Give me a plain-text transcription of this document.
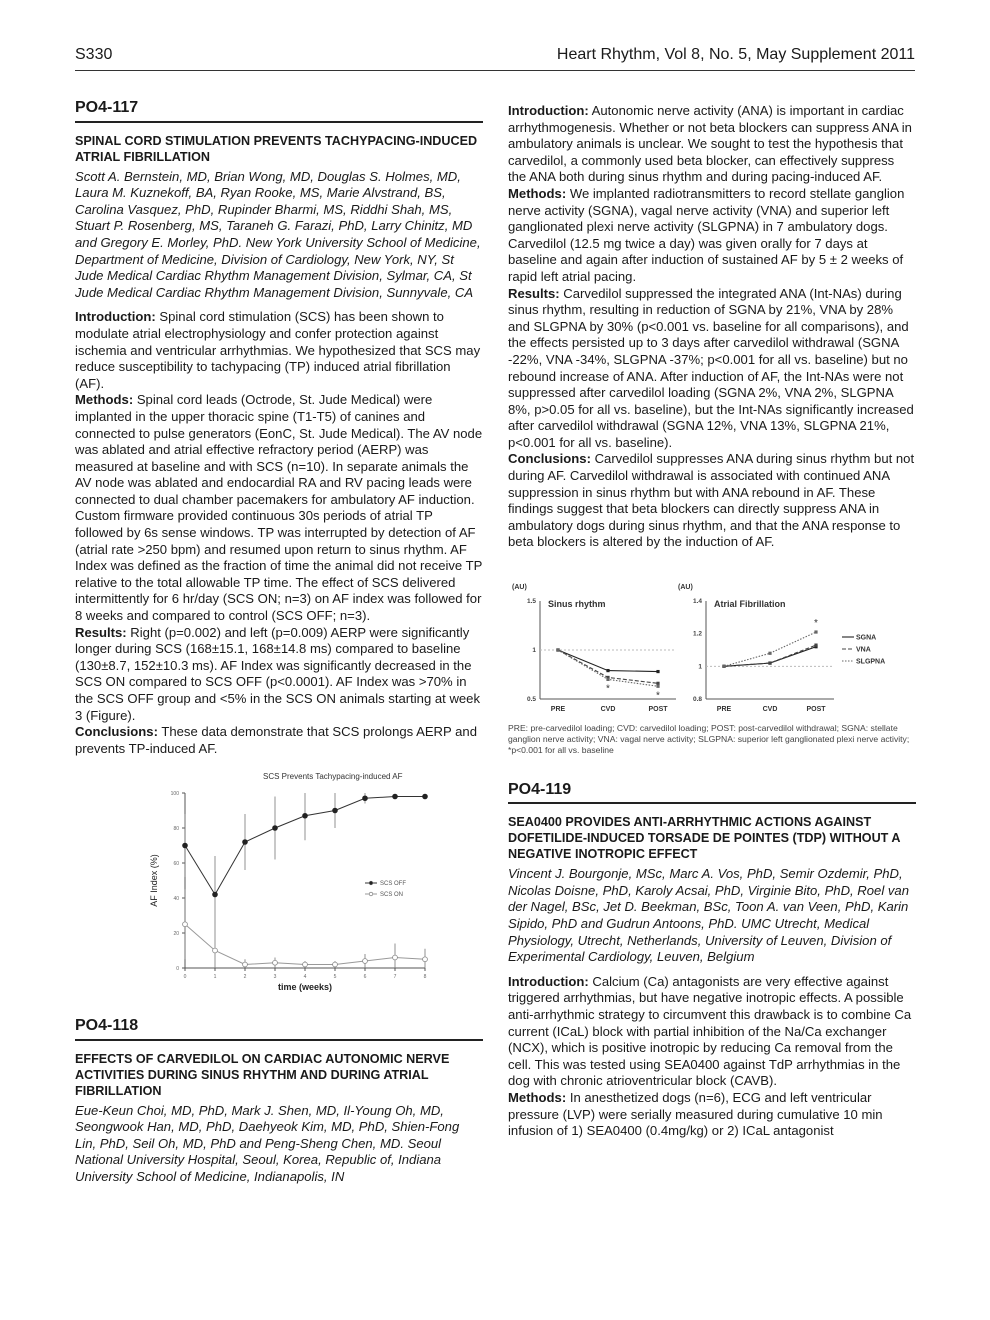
S330	Heart Rhythm, Vol 8, No. 5, May Supplement 2011
PO4-117
SPINAL CORD STIMULATION PREVENTS TACHYPACING-INDUCED ATRIAL FIBRILLATION

Scott A. Bernstein, MD, Brian Wong, MD, Douglas S. Holmes, MD, Laura M. Kuznekoff, BA, Ryan Rooke, MS, Marie Alvstrand, BS, Carolina Vasquez, PhD, Rupinder Bharmi, MS, Riddhi Shah, MS, Stuart P. Rosenberg, MS, Taraneh G. Farazi, PhD, Larry Chinitz, MD and Gregory E. Morley, PhD. New York University School of Medicine, Department of Medicine, Division of Cardiology, New York, NY, St Jude Medical Cardiac Rhythm Management Division, Sylmar, CA, St Jude Medical Cardiac Rhythm Management Division, Sunnyvale, CA

Introduction: Spinal cord stimulation (SCS) has been shown to modulate atrial electrophysiology and confer protection against ischemia and ventricular arrhythmias. We hypothesized that SCS may reduce susceptibility to tachypacing (TP) induced atrial fibrillation (AF).

Methods: Spinal cord leads (Octrode, St. Jude Medical) were implanted in the upper thoracic spine (T1-T5) of canines and connected to pulse generators (EonC, St. Jude Medical). The AV node was ablated and atrial effective refractory period (AERP) was measured at baseline and with SCS (n=10). In separate animals the AV node was ablated and endocardial RA and RV pacing leads were connected to dual chamber pacemakers for ambulatory AF induction. Custom firmware provided continuous 30s periods of atrial TP followed by 6s sense windows. TP was interrupted by detection of AF (atrial rate >250 bpm) and resumed upon return to sinus rhythm. AF Index was defined as the fraction of time the animal did not receive TP relative to the total allowable TP time. The effect of SCS delivered intermittently for 6 hr/day (SCS ON; n=3) on AF index was followed for 8 weeks and compared to control (SCS OFF; n=3).

Results: Right (p=0.002) and left (p=0.009) AERP were significantly longer during SCS (168±15.1, 168±14.8 ms) compared to baseline (130±8.7, 152±10.3 ms). AF Index was significantly decreased in the SCS ON compared to SCS OFF (p<0.0001). AF Index was >70% in the SCS OFF group and <5% in the SCS ON animals starting at week 3 (Figure).

Conclusions: These data demonstrate that SCS prolongs AERP and prevents TP-induced AF.

SCS Prevents Tachypacing-induced AF
0
20
40
60
80
100
0	1	2	3	4	5	6	7	8
time (weeks)
AF Index (%)	SCS OFF
SCS ON
PO4-118
EFFECTS OF CARVEDILOL ON CARDIAC AUTONOMIC NERVE ACTIVITIES DURING SINUS RHYTHM AND DURING ATRIAL FIBRILLATION

Eue-Keun Choi, MD, PhD, Mark J. Shen, MD, Il-Young Oh, MD, Seongwook Han, MD, PhD, Daehyeok Kim, MD, PhD, Shien-Fong Lin, PhD, Seil Oh, MD, PhD and Peng-Sheng Chen, MD. Seoul National University Hospital, Seoul, Korea, Republic of, Indiana University School of Medicine, Indianapolis, IN

Introduction: Autonomic nerve activity (ANA) is important in cardiac arrhythmogenesis. Whether or not beta blockers can suppress ANA in ambulatory animals is unclear. We sought to test the hypothesis that carvedilol, a commonly used beta blocker, can effectively suppress the ANA both during sinus rhythm and during pacing-induced AF.

Methods: We implanted radiotransmitters to record stellate ganglion nerve activity (SGNA), vagal nerve activity (VNA) and superior left ganglionated plexi nerve activity (SLGPNA) in 7 ambulatory dogs. Carvedilol (12.5 mg twice a day) was given orally for 7 days at baseline and again after induction of sustained AF by 5 ± 2 weeks of rapid left atrial pacing.

Results: Carvedilol suppressed the integrated ANA (Int-NAs) during sinus rhythm, resulting in reduction of SGNA by 21%, VNA by 28% and SLGPNA by 30% (p<0.001 vs. baseline for all comparisons), and the effects persisted up to 3 days after carvedilol withdrawal (SGNA -22%, VNA -34%, SLGPNA -37%; p<0.001 for all vs. baseline) but no rebound increase of ANA. After induction of AF, the Int-NAs were not suppressed after carvedilol loading (SGNA 2%, VNA 2%, SLGPNA 8%, p>0.05 for all vs. baseline), but the Int-NAs significantly increased after carvedilol withdrawal (SGNA 12%, VNA 13%, SLGPNA 21%, p<0.001 for all vs. baseline).

Conclusions: Carvedilol suppresses ANA during sinus rhythm but not during AF. Carvedilol withdrawal is associated with continued ANA suppression in sinus rhythm but with ANA rebound in AF. These findings suggest that beta blockers can directly suppress ANA in ambulatory dogs during sinus rhythm, and that the ANA response to beta blockers is altered by the induction of AF.

(AU)
Sinus rhythm
0.5
1
1.5
PRE	CVD	POST
*
*
(AU)
Atrial Fibrillation
0.8
1
1.2
1.4
PRE	CVD	POST
*
SGNA
VNA
SLGPNA
PRE: pre-carvedilol loading; CVD: carvedilol loading; POST: post-carvedilol withdrawal; SGNA: stellate ganglion nerve activity; VNA: vagal nerve activity; SLGPNA: superior left ganglionated plexi nerve activity; *p<0.001 for all vs. baseline
PO4-119
SEA0400 PROVIDES ANTI-ARRHYTHMIC ACTIONS AGAINST DOFETILIDE-INDUCED TORSADE DE POINTES (TDP) WITHOUT A NEGATIVE INOTROPIC EFFECT

Vincent J. Bourgonje, MSc, Marc A. Vos, PhD, Semir Ozdemir, PhD, Nicolas Doisne, PhD, Karoly Acsai, PhD, Virginie Bito, PhD, Roel van der Nagel, BSc, Jet D. Beekman, BSc, Toon A. van Veen, PhD, Karin Sipido, PhD and Gudrun Antoons, PhD. UMC Utrecht, Medical Physiology, Utrecht, Netherlands, University of Leuven, Division of Experimental Cardiology, Leuven, Belgium

Introduction: Calcium (Ca) antagonists are very effective against triggered arrhythmias, but have negative inotropic effects. A possible anti-arrhythmic strategy to circumvent this drawback is to combine Ca current (ICaL) block with partial inhibition of the Na/Ca exchanger (NCX), which is positive inotropic by reducing Ca removal from the cell. This was tested using SEA0400 against TdP arrhythmias in the dog with chronic atrioventricular block (CAVB).

Methods: In anesthetized dogs (n=6), ECG and left ventricular pressure (LVP) were serially measured during cumulative 10 min infusion of 1) SEA0400 (0.4mg/kg) or 2) ICaL antagonist
